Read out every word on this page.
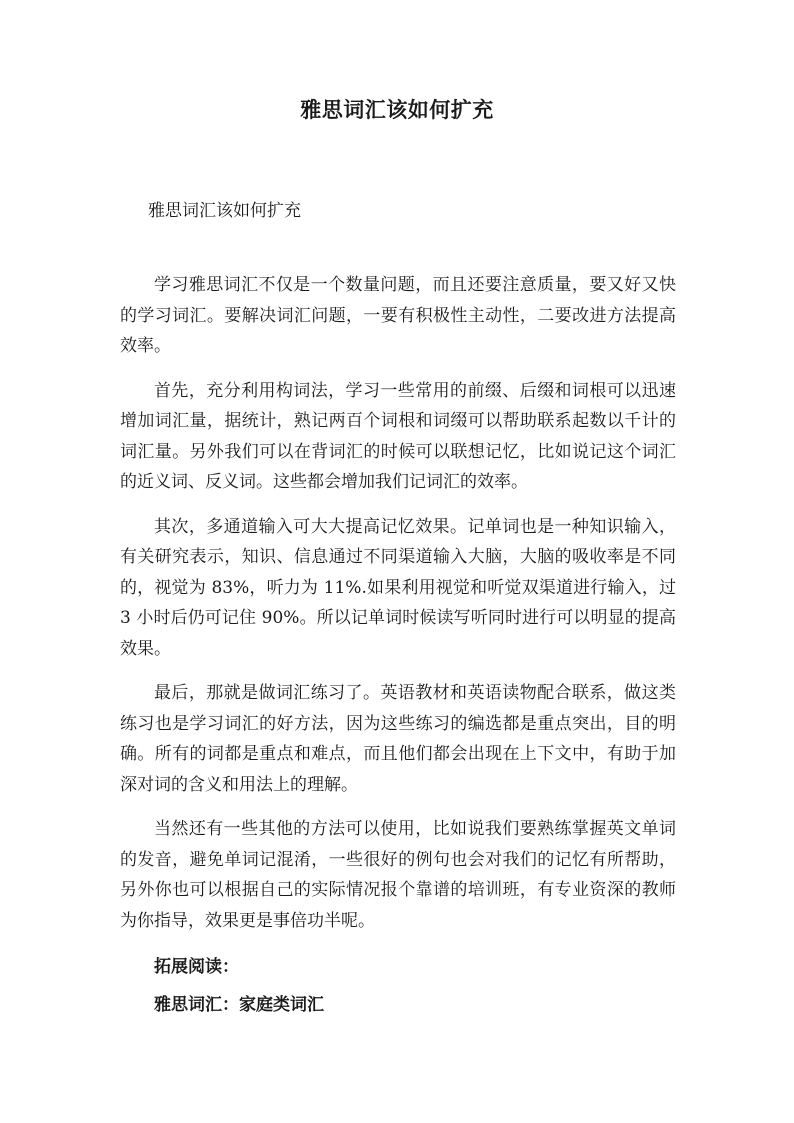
雅思词汇该如何扩充
雅思词汇该如何扩充

学习雅思词汇不仅是一个数量问题，而且还要注意质量，要又好又快的学习词汇。要解决词汇问题，一要有积极性主动性，二要改进方法提高效率。

首先，充分利用构词法，学习一些常用的前缀、后缀和词根可以迅速增加词汇量，据统计，熟记两百个词根和词缀可以帮助联系起数以千计的词汇量。另外我们可以在背词汇的时候可以联想记忆，比如说记这个词汇的近义词、反义词。这些都会增加我们记词汇的效率。

其次，多通道输入可大大提高记忆效果。记单词也是一种知识输入，有关研究表示，知识、信息通过不同渠道输入大脑，大脑的吸收率是不同的，视觉为 83%，听力为 11%.如果利用视觉和听觉双渠道进行输入，过 3 小时后仍可记住 90%。所以记单词时候读写听同时进行可以明显的提高效果。

最后，那就是做词汇练习了。英语教材和英语读物配合联系，做这类练习也是学习词汇的好方法，因为这些练习的编选都是重点突出，目的明确。所有的词都是重点和难点，而且他们都会出现在上下文中，有助于加深对词的含义和用法上的理解。

当然还有一些其他的方法可以使用，比如说我们要熟练掌握英文单词的发音，避免单词记混淆，一些很好的例句也会对我们的记忆有所帮助，另外你也可以根据自己的实际情况报个靠谱的培训班，有专业资深的教师为你指导，效果更是事倍功半呢。

拓展阅读：
雅思词汇：家庭类词汇
